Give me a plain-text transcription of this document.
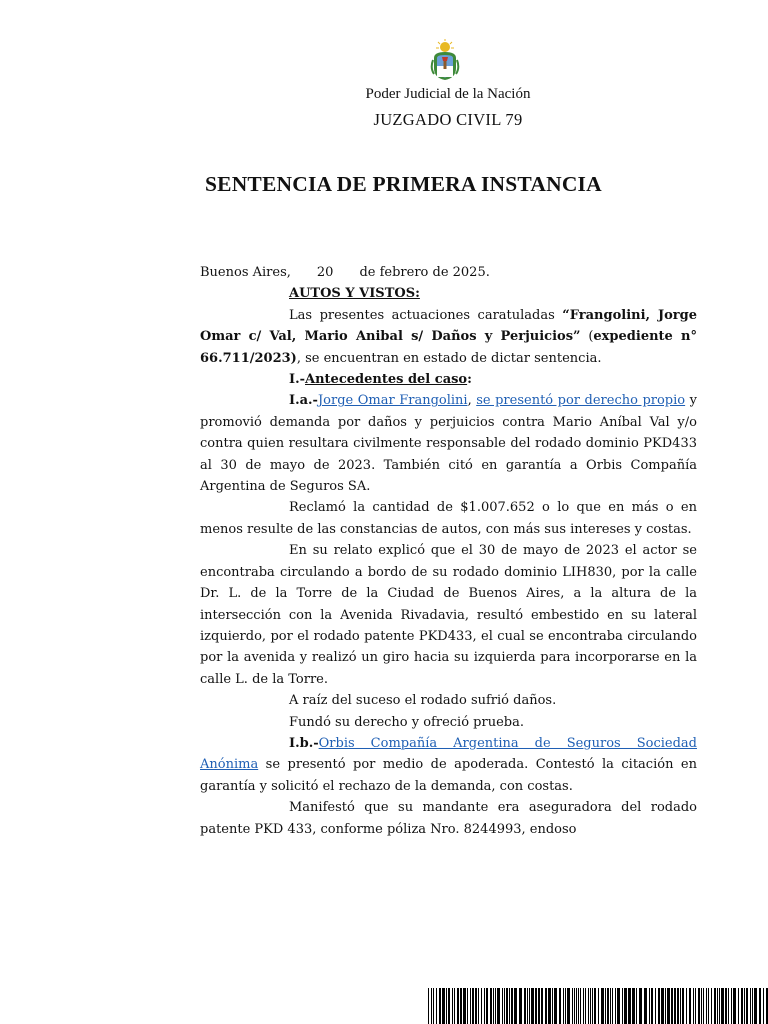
Poder Judicial de la Nación
JUZGADO CIVIL 79
SENTENCIA DE PRIMERA INSTANCIA

Buenos Aires, 20 de febrero de 2025.

AUTOS Y VISTOS:

Las presentes actuaciones caratuladas “Frangolini, Jorge Omar c/ Val, Mario Anibal s/ Daños y Perjuicios” (expediente n° 66.711/2023), se encuentran en estado de dictar sentencia.

I.-Antecedentes del caso:

I.a.-Jorge Omar Frangolini, se presentó por derecho propio y promovió demanda por daños y perjuicios contra Mario Aníbal Val y/o contra quien resultara civilmente responsable del rodado dominio PKD433 al 30 de mayo de 2023. También citó en garantía a Orbis Compañía Argentina de Seguros SA.

Reclamó la cantidad de $1.007.652 o lo que en más o en menos resulte de las constancias de autos, con más sus intereses y costas.

En su relato explicó que el 30 de mayo de 2023 el actor se encontraba circulando a bordo de su rodado dominio LIH830, por la calle Dr. L. de la Torre de la Ciudad de Buenos Aires, a la altura de la intersección con la Avenida Rivadavia, resultó embestido en su lateral izquierdo, por el rodado patente PKD433, el cual se encontraba circulando por la avenida y realizó un giro hacia su izquierda para incorporarse en la calle L. de la Torre.

A raíz del suceso el rodado sufrió daños.

Fundó su derecho y ofreció prueba.

I.b.-Orbis Compañía Argentina de Seguros Sociedad Anónima se presentó por medio de apoderada. Contestó la citación en garantía y solicitó el rechazo de la demanda, con costas.

Manifestó que su mandante era aseguradora del rodado patente PKD 433, conforme póliza Nro. 8244993, endoso
